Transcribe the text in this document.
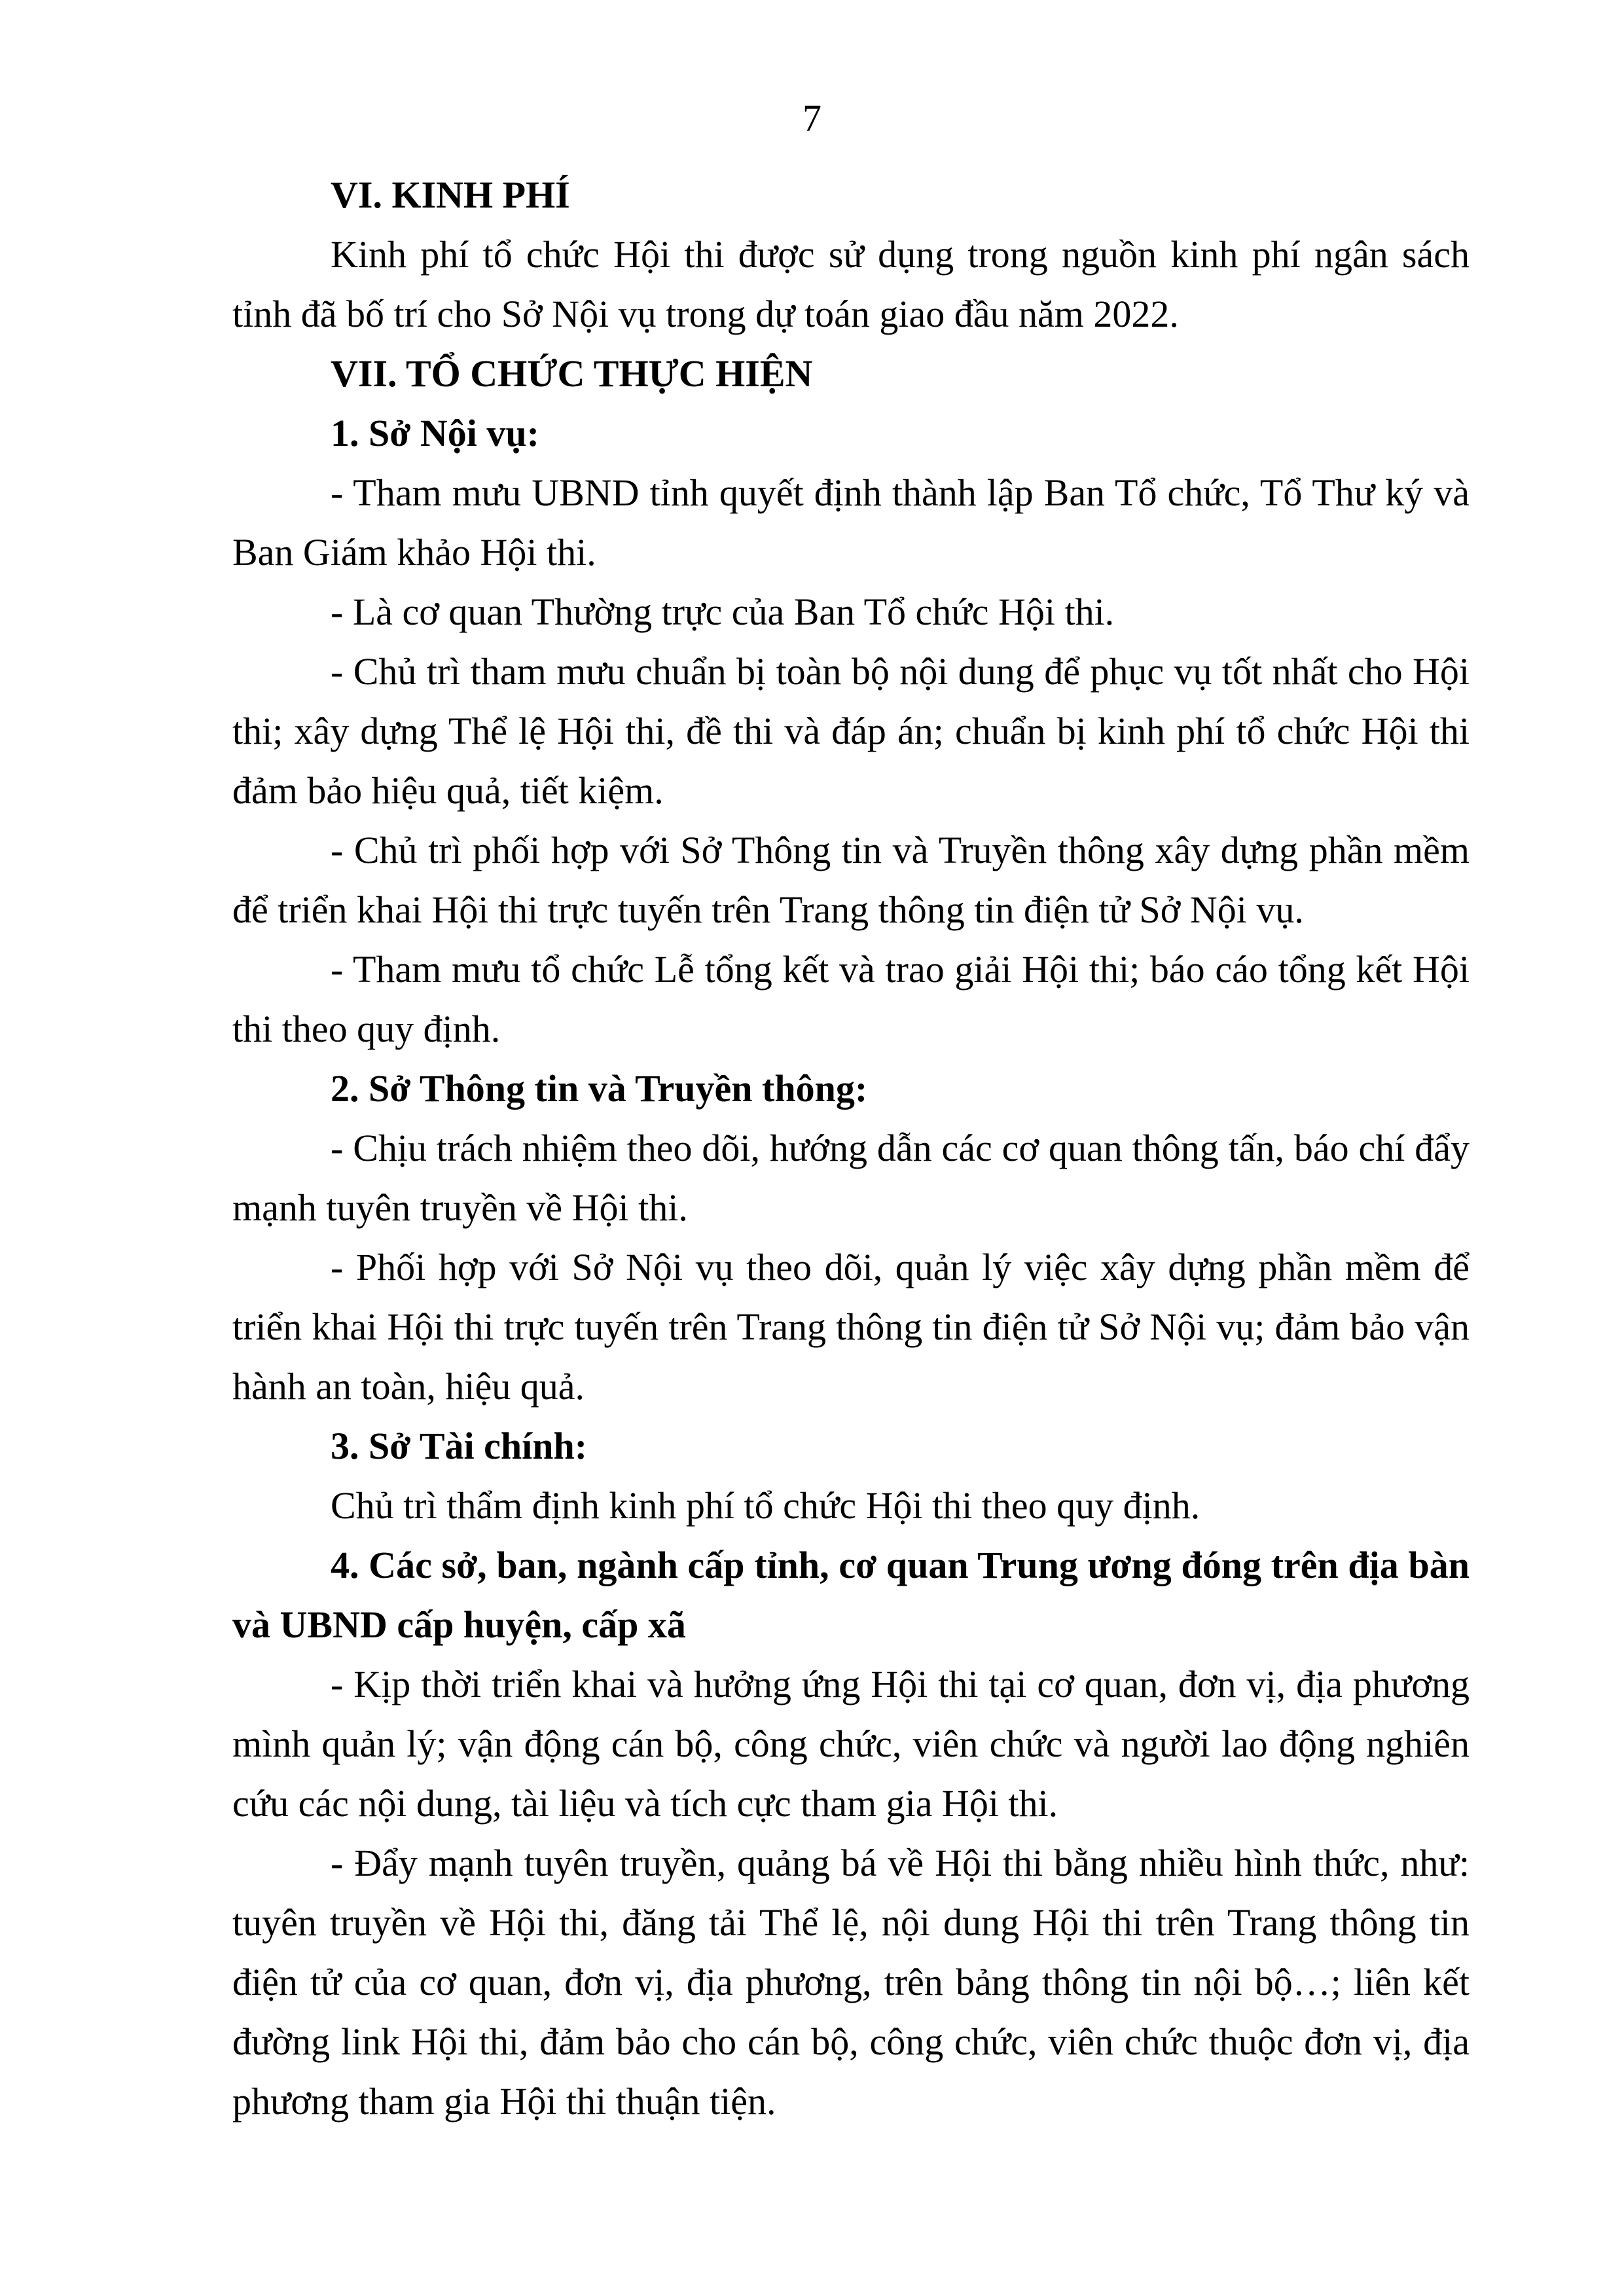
7

VI. KINH PHÍ

Kinh phí tổ chức Hội thi được sử dụng trong nguồn kinh phí ngân sách tỉnh đã bố trí cho Sở Nội vụ trong dự toán giao đầu năm 2022.

VII. TỔ CHỨC THỰC HIỆN

1. Sở Nội vụ:

- Tham mưu UBND tỉnh quyết định thành lập Ban Tổ chức, Tổ Thư ký và Ban Giám khảo Hội thi.

- Là cơ quan Thường trực của Ban Tổ chức Hội thi.

- Chủ trì tham mưu chuẩn bị toàn bộ nội dung để phục vụ tốt nhất cho Hội thi; xây dựng Thể lệ Hội thi, đề thi và đáp án; chuẩn bị kinh phí tổ chức Hội thi đảm bảo hiệu quả, tiết kiệm.

- Chủ trì phối hợp với Sở Thông tin và Truyền thông xây dựng phần mềm để triển khai Hội thi trực tuyến trên Trang thông tin điện tử Sở Nội vụ.

- Tham mưu tổ chức Lễ tổng kết và trao giải Hội thi; báo cáo tổng kết Hội thi theo quy định.

2. Sở Thông tin và Truyền thông:

- Chịu trách nhiệm theo dõi, hướng dẫn các cơ quan thông tấn, báo chí đẩy mạnh tuyên truyền về Hội thi.

- Phối hợp với Sở Nội vụ theo dõi, quản lý việc xây dựng phần mềm để triển khai Hội thi trực tuyến trên Trang thông tin điện tử Sở Nội vụ; đảm bảo vận hành an toàn, hiệu quả.

3. Sở Tài chính:

Chủ trì thẩm định kinh phí tổ chức Hội thi theo quy định.

4. Các sở, ban, ngành cấp tỉnh, cơ quan Trung ương đóng trên địa bàn và UBND cấp huyện, cấp xã

- Kịp thời triển khai và hưởng ứng Hội thi tại cơ quan, đơn vị, địa phương mình quản lý; vận động cán bộ, công chức, viên chức và người lao động nghiên cứu các nội dung, tài liệu và tích cực tham gia Hội thi.

- Đẩy mạnh tuyên truyền, quảng bá về Hội thi bằng nhiều hình thức, như: tuyên truyền về Hội thi, đăng tải Thể lệ, nội dung Hội thi trên Trang thông tin điện tử của cơ quan, đơn vị, địa phương, trên bảng thông tin nội bộ…; liên kết đường link Hội thi, đảm bảo cho cán bộ, công chức, viên chức thuộc đơn vị, địa phương tham gia Hội thi thuận tiện.
